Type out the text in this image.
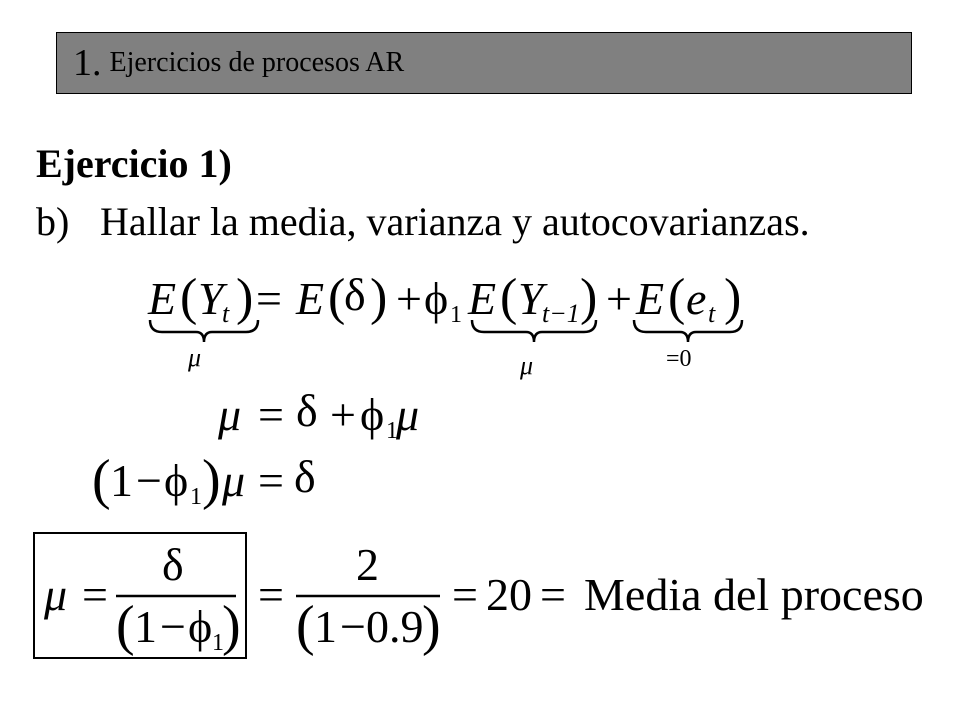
1. Ejercicios de procesos AR
Ejercicio 1)
b) Hallar la media, varianza y autocovarianzas.
E ( Y
t ) = E (
δ ) + ϕ 1 E ( Y
t−1 ) + E ( e t )
μ	μ	=0
μ = δ + ϕ 1
μ
( 1 − ϕ 1 ) μ = δ
μ =
δ
( 1 − ϕ 1
)
=
2
( 1 − 0.9
)
= 20 = Media del proceso
